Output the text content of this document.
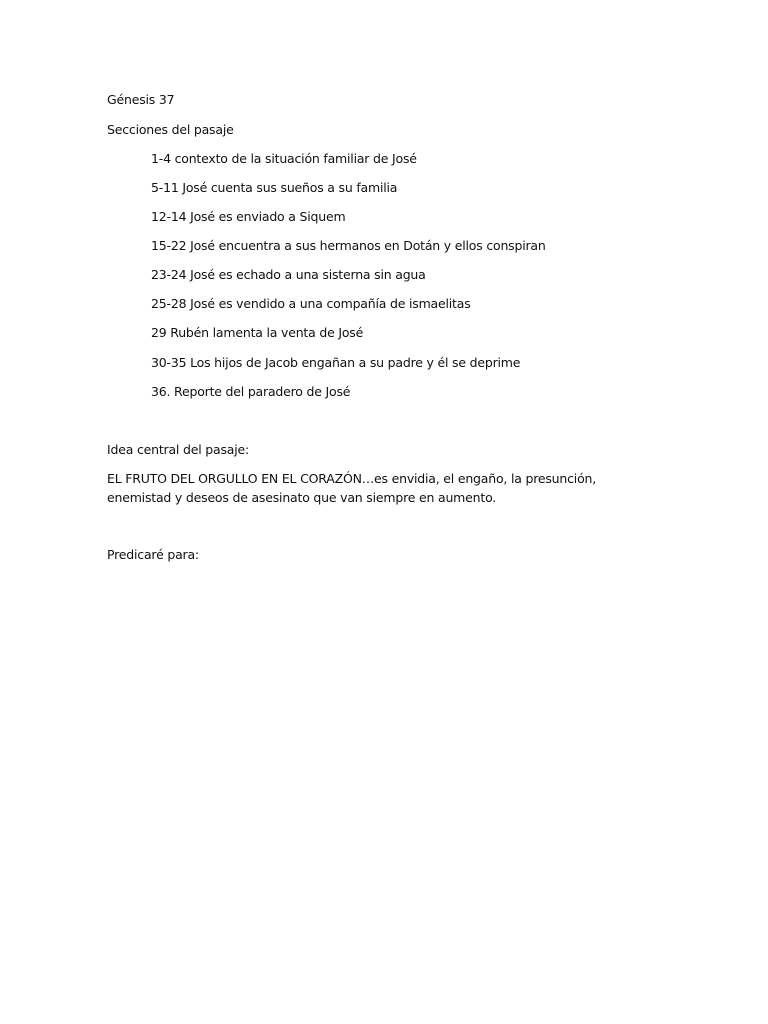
Génesis 37
Secciones del pasaje
1-4 contexto de la situación familiar de José
5-11 José cuenta sus sueños a su familia
12-14 José es enviado a Siquem
15-22 José encuentra a sus hermanos en Dotán y ellos conspiran
23-24 José es echado a una sisterna sin agua
25-28 José es vendido a una compañía de ismaelitas
29 Rubén lamenta la venta de José
30-35 Los hijos de Jacob engañan a su padre y él se deprime
36. Reporte del paradero de José
Idea central del pasaje:
EL FRUTO DEL ORGULLO EN EL CORAZÓN…es envidia, el engaño, la presunción, enemistad y deseos de asesinato que van siempre en aumento.
Predicaré para:
